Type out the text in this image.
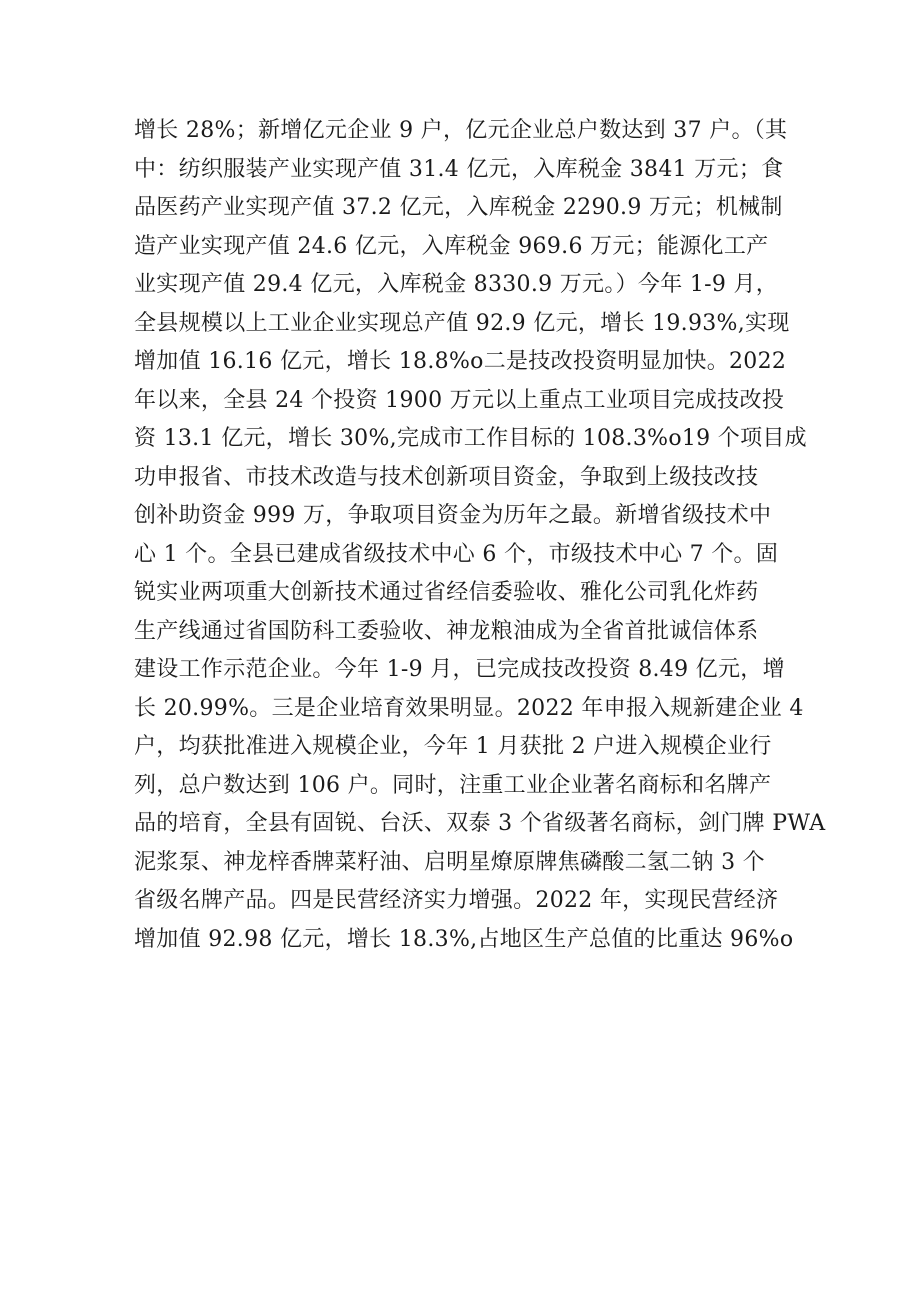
增长 28%；新增亿元企业 9 户，亿元企业总户数达到 37 户。（其
中：纺织服装产业实现产值 31.4 亿元，入库税金 3841 万元；食
品医药产业实现产值 37.2 亿元，入库税金 2290.9 万元；机械制
造产业实现产值 24.6 亿元，入库税金 969.6 万元；能源化工产
业实现产值 29.4 亿元，入库税金 8330.9 万元。）今年 1-9 月，
全县规模以上工业企业实现总产值 92.9 亿元，增长 19.93%,实现
增加值 16.16 亿元，增长 18.8%o二是技改投资明显加快。2022
年以来，全县 24 个投资 1900 万元以上重点工业项目完成技改投
资 13.1 亿元，增长 30%,完成市工作目标的 108.3%o19 个项目成
功申报省、市技术改造与技术创新项目资金，争取到上级技改技
创补助资金 999 万，争取项目资金为历年之最。新增省级技术中
心 1 个。全县已建成省级技术中心 6 个，市级技术中心 7 个。固
锐实业两项重大创新技术通过省经信委验收、雅化公司乳化炸药
生产线通过省国防科工委验收、神龙粮油成为全省首批诚信体系
建设工作示范企业。今年 1-9 月，已完成技改投资 8.49 亿元，增
长 20.99%。三是企业培育效果明显。2022 年申报入规新建企业 4
户，均获批准进入规模企业，今年 1 月获批 2 户进入规模企业行
列，总户数达到 106 户。同时，注重工业企业著名商标和名牌产
品的培育，全县有固锐、台沃、双泰 3 个省级著名商标，剑门牌 PWA
泥浆泵、神龙梓香牌菜籽油、启明星燎原牌焦磷酸二氢二钠 3 个
省级名牌产品。四是民营经济实力增强。2022 年，实现民营经济
增加值 92.98 亿元，增长 18.3%,占地区生产总值的比重达 96%o
